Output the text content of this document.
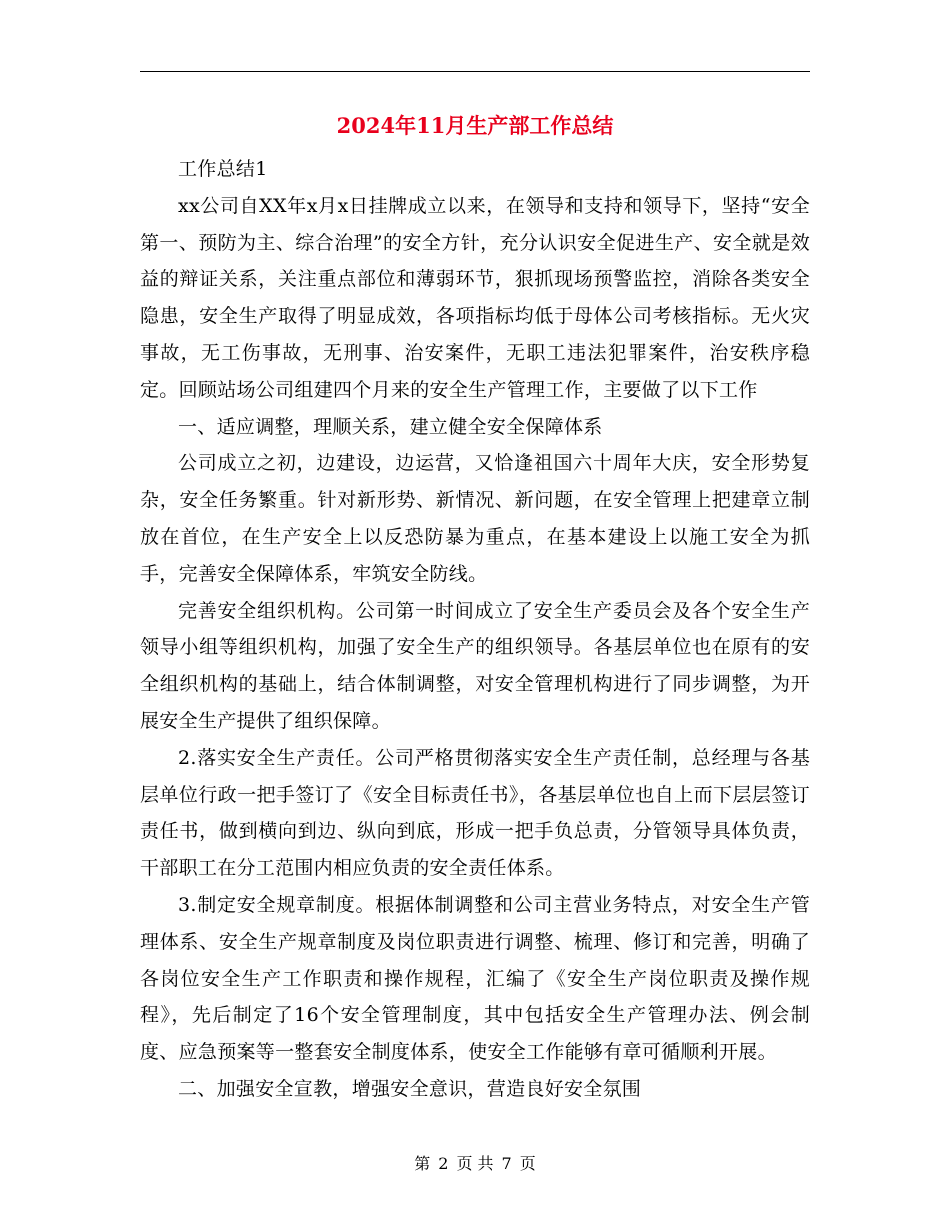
2024年11月生产部工作总结

工作总结1

xx公司自XX年x月x日挂牌成立以来，在领导和支持和领导下，坚持“安全第一、预防为主、综合治理”的安全方针，充分认识安全促进生产、安全就是效益的辩证关系，关注重点部位和薄弱环节，狠抓现场预警监控，消除各类安全隐患，安全生产取得了明显成效，各项指标均低于母体公司考核指标。无火灾事故，无工伤事故，无刑事、治安案件，无职工违法犯罪案件，治安秩序稳定。回顾站场公司组建四个月来的安全生产管理工作，主要做了以下工作

一、适应调整，理顺关系，建立健全安全保障体系

公司成立之初，边建设，边运营，又恰逢祖国六十周年大庆，安全形势复杂，安全任务繁重。针对新形势、新情况、新问题，在安全管理上把建章立制放在首位，在生产安全上以反恐防暴为重点，在基本建设上以施工安全为抓手，完善安全保障体系，牢筑安全防线。

完善安全组织机构。公司第一时间成立了安全生产委员会及各个安全生产领导小组等组织机构，加强了安全生产的组织领导。各基层单位也在原有的安全组织机构的基础上，结合体制调整，对安全管理机构进行了同步调整，为开展安全生产提供了组织保障。

2.落实安全生产责任。公司严格贯彻落实安全生产责任制，总经理与各基层单位行政一把手签订了《安全目标责任书》，各基层单位也自上而下层层签订责任书，做到横向到边、纵向到底，形成一把手负总责，分管领导具体负责，干部职工在分工范围内相应负责的安全责任体系。

3.制定安全规章制度。根据体制调整和公司主营业务特点，对安全生产管理体系、安全生产规章制度及岗位职责进行调整、梳理、修订和完善，明确了各岗位安全生产工作职责和操作规程，汇编了《安全生产岗位职责及操作规程》，先后制定了16个安全管理制度，其中包括安全生产管理办法、例会制度、应急预案等一整套安全制度体系，使安全工作能够有章可循顺利开展。

二、加强安全宣教，增强安全意识，营造良好安全氛围

第 2 页 共 7 页
